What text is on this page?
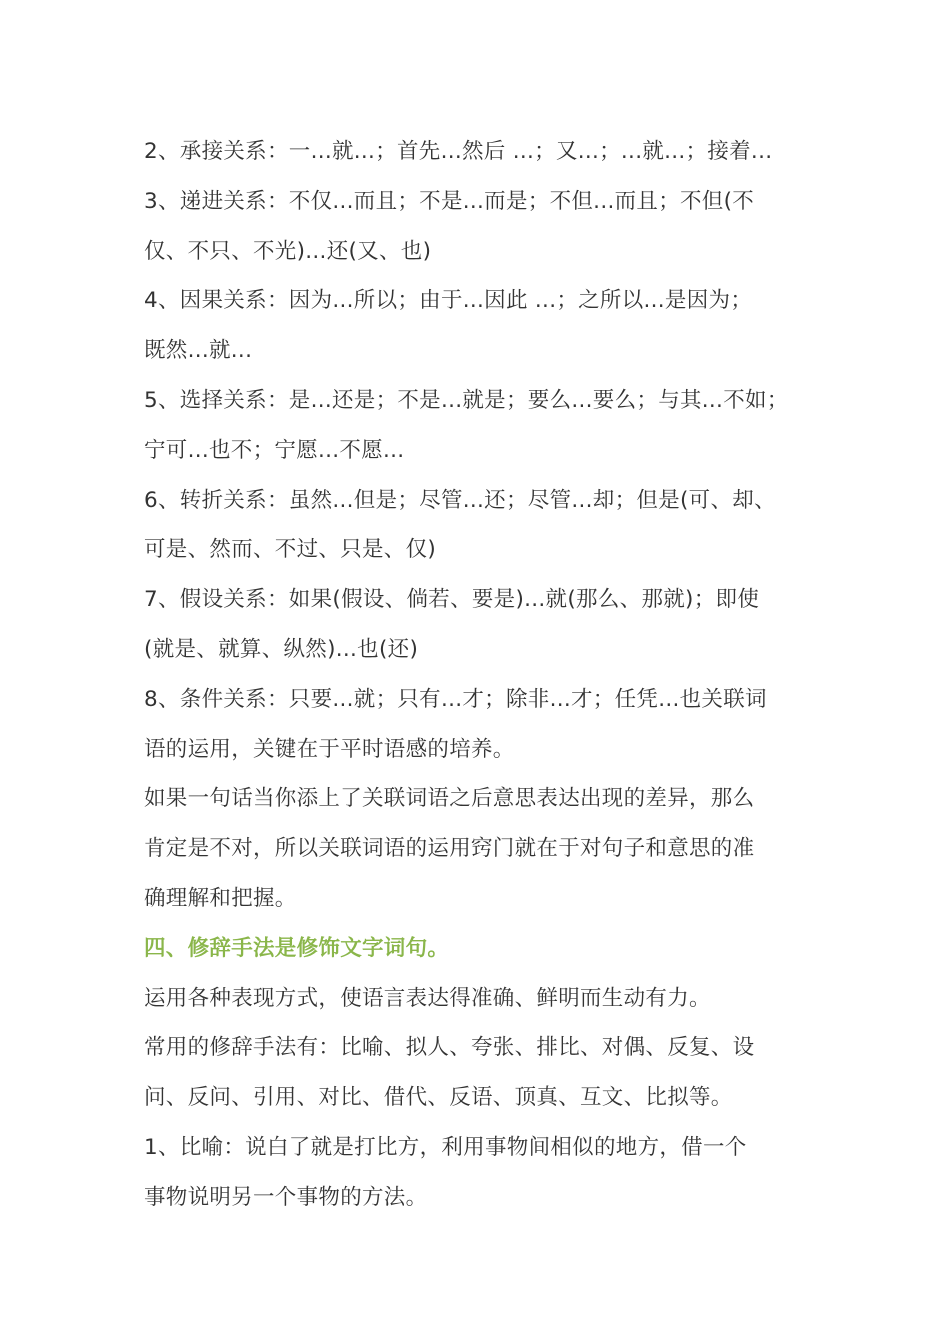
2、承接关系：一...就...；首先...然后 ...；又...；...就...；接着...
3、递进关系：不仅...而且；不是...而是；不但...而且；不但(不
仅、不只、不光)...还(又、也)
4、因果关系：因为...所以；由于...因此 ...；之所以...是因为；
既然...就...
5、选择关系：是...还是；不是...就是；要么...要么；与其...不如；
宁可...也不；宁愿...不愿...
6、转折关系：虽然...但是；尽管...还；尽管...却；但是(可、却、
可是、然而、不过、只是、仅)
7、假设关系：如果(假设、倘若、要是)...就(那么、那就)；即使
(就是、就算、纵然)...也(还)
8、条件关系：只要...就；只有...才；除非...才；任凭...也关联词
语的运用，关键在于平时语感的培养。
如果一句话当你添上了关联词语之后意思表达出现的差异，那么
肯定是不对，所以关联词语的运用窍门就在于对句子和意思的准
确理解和把握。
四、修辞手法是修饰文字词句。
运用各种表现方式，使语言表达得准确、鲜明而生动有力。
常用的修辞手法有：比喻、拟人、夸张、排比、对偶、反复、设
问、反问、引用、对比、借代、反语、顶真、互文、比拟等。
1、比喻：说白了就是打比方，利用事物间相似的地方，借一个
事物说明另一个事物的方法。
